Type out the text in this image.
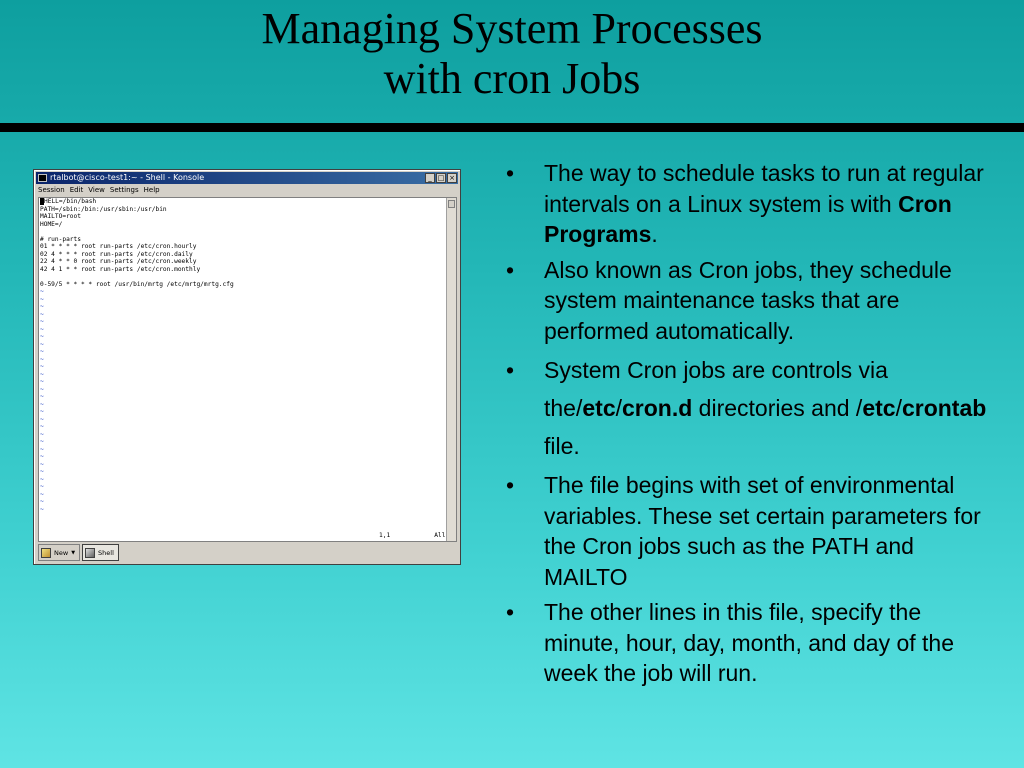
Managing System Processes
with cron Jobs
rtalbot@cisco-test1:~ - Shell - Konsole	_ □ ×
Session Edit View Settings Help
HELL=/bin/bash
PATH=/sbin:/bin:/usr/sbin:/usr/bin
MAILTO=root
HOME=/

# run-parts
01 * * * * root run-parts /etc/cron.hourly
02 4 * * * root run-parts /etc/cron.daily
22 4 * * 0 root run-parts /etc/cron.weekly
42 4 1 * * root run-parts /etc/cron.monthly

0-59/5 * * * * root /usr/bin/mrtg /etc/mrtg/mrtg.cfg
~
~
~
~
~
~
~
~
~
~
~
~
~
~
~
~
~
~
~
~
~
~
~
~
~
~
~
~
~
~
1,1	All
New ▼	Shell
• The way to schedule tasks to run at regular intervals on a Linux system is with Cron Programs.
• Also known as Cron jobs, they schedule system maintenance tasks that are performed automatically.
• System Cron jobs are controls via the/etc/cron.d directories and /etc/crontab file.
• The file begins with set of environmental variables. These set certain parameters for the Cron jobs such as the PATH and MAILTO
• The other lines in this file, specify the minute, hour, day, month, and day of the week the job will run.
